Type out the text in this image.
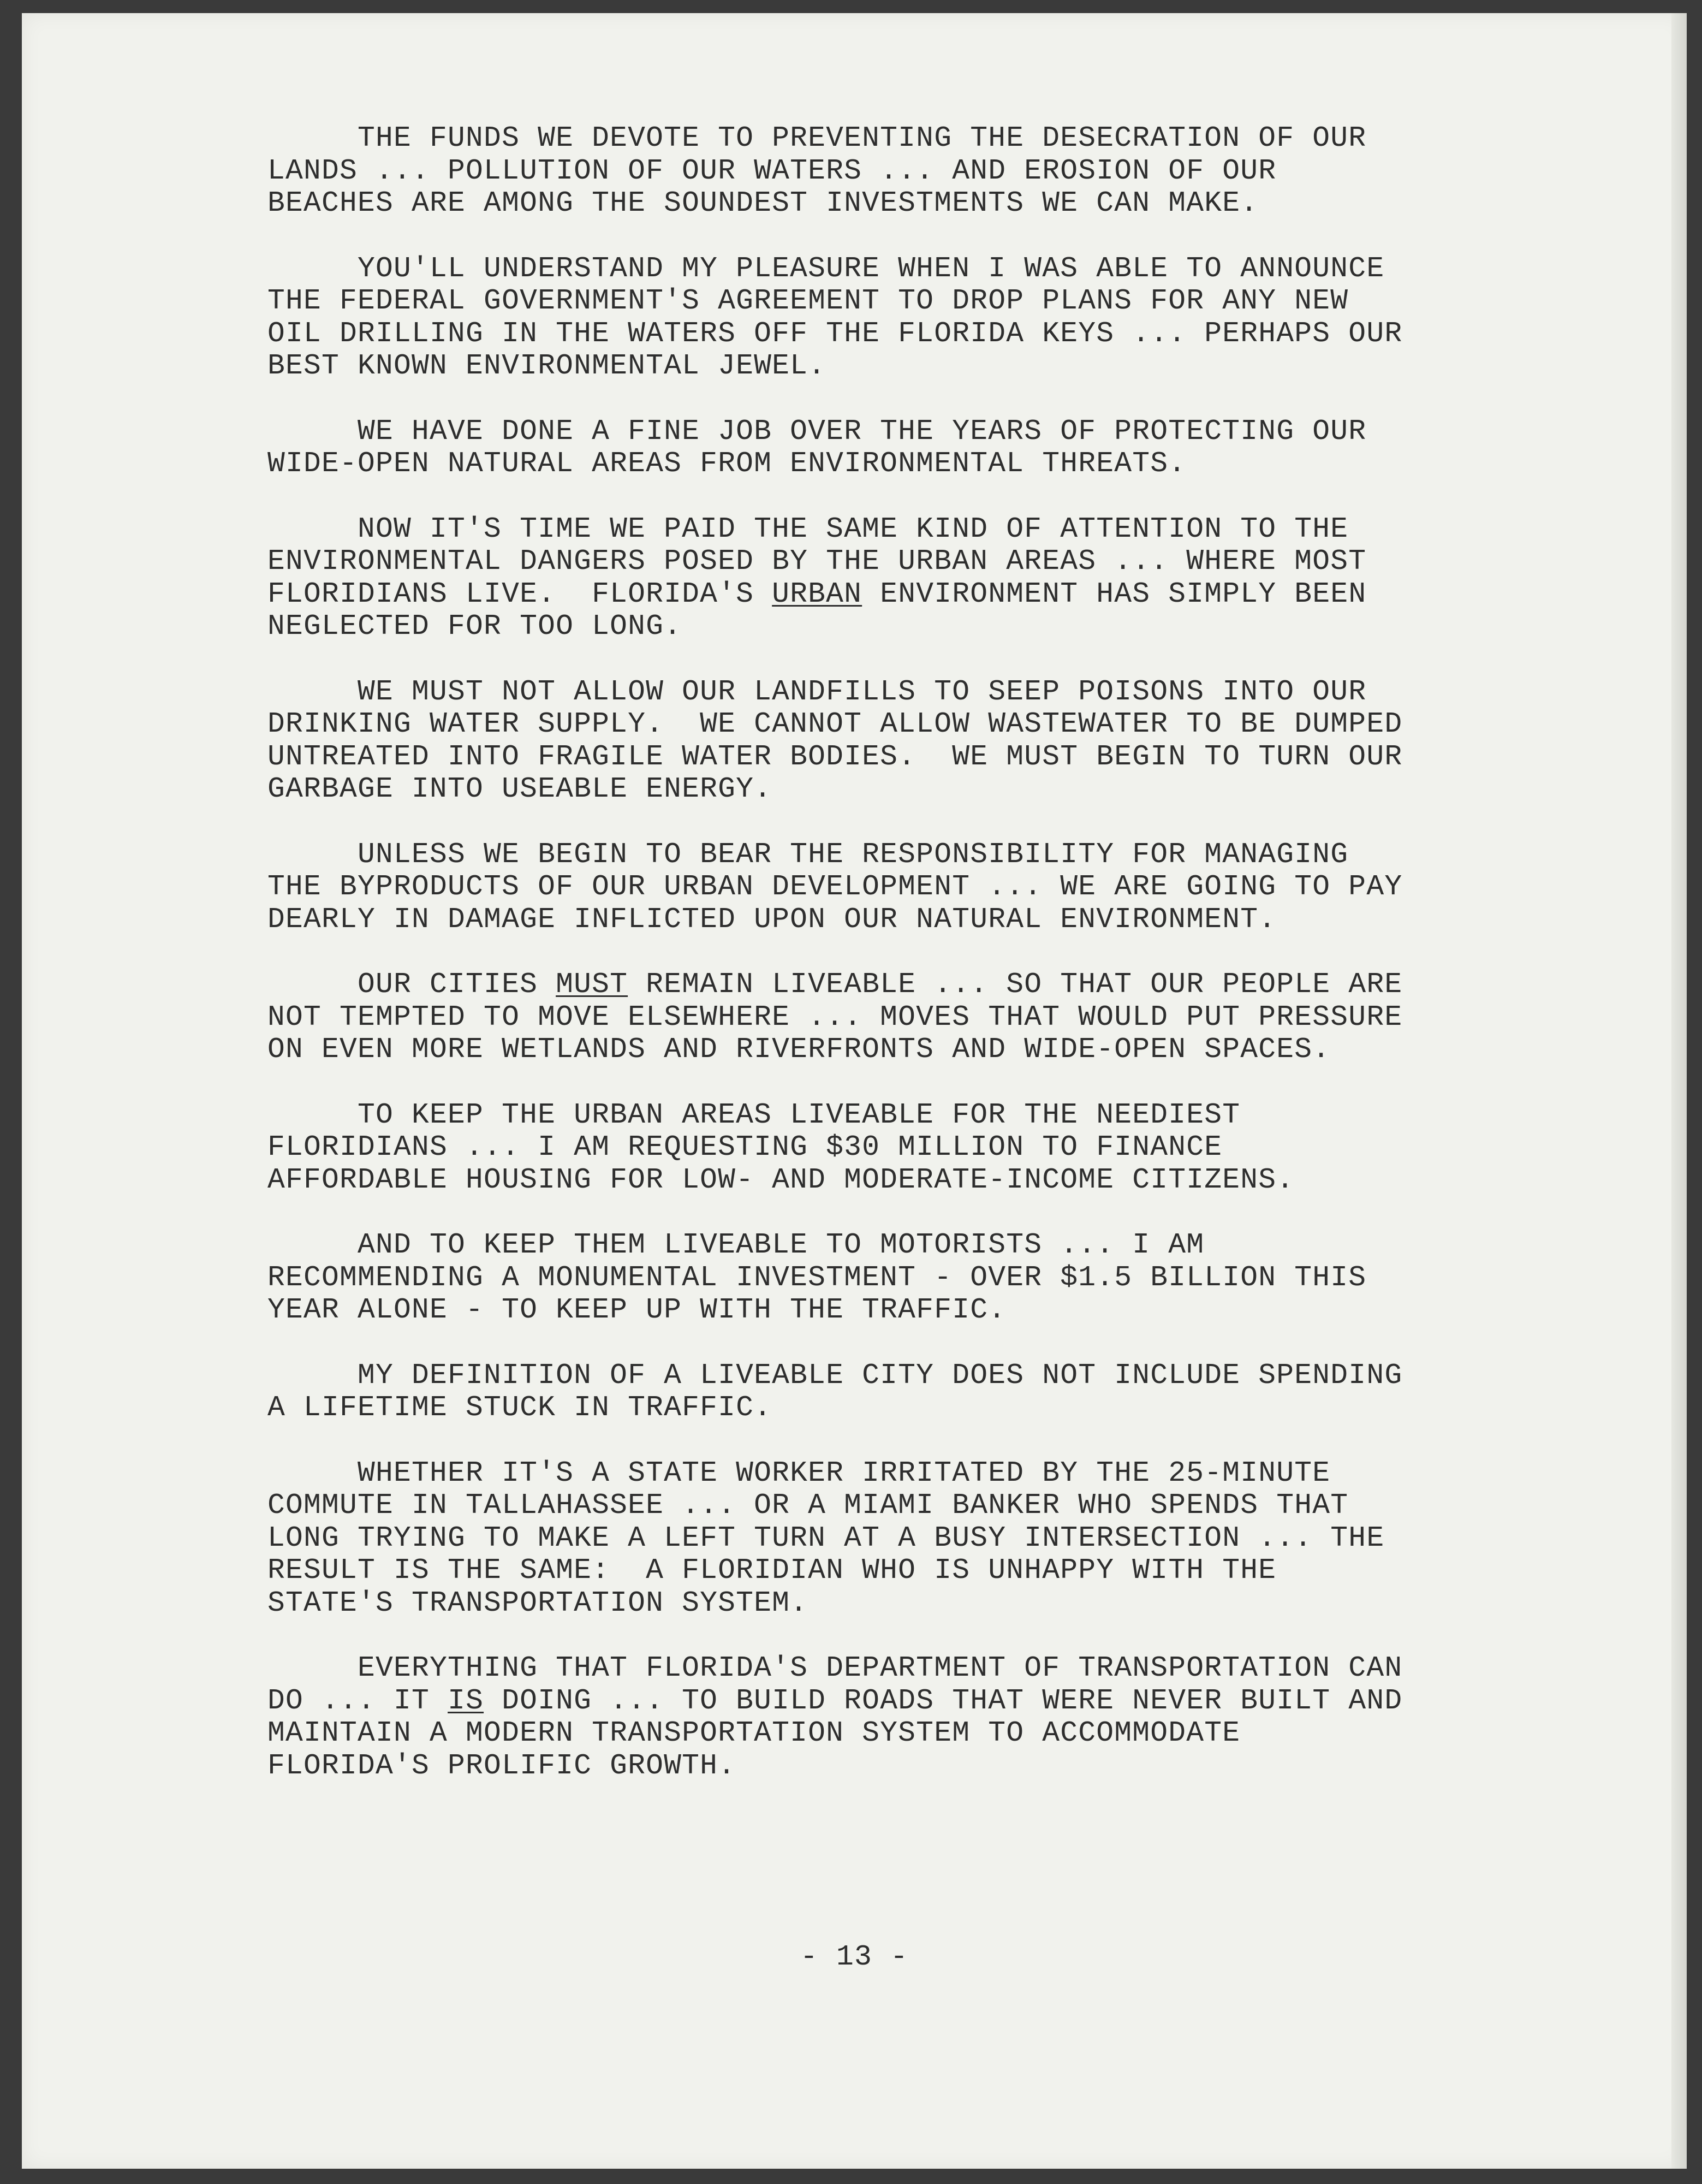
THE FUNDS WE DEVOTE TO PREVENTING THE DESECRATION OF OUR
LANDS ... POLLUTION OF OUR WATERS ... AND EROSION OF OUR
BEACHES ARE AMONG THE SOUNDEST INVESTMENTS WE CAN MAKE.
YOU'LL UNDERSTAND MY PLEASURE WHEN I WAS ABLE TO ANNOUNCE
THE FEDERAL GOVERNMENT'S AGREEMENT TO DROP PLANS FOR ANY NEW
OIL DRILLING IN THE WATERS OFF THE FLORIDA KEYS ... PERHAPS OUR
BEST KNOWN ENVIRONMENTAL JEWEL.
WE HAVE DONE A FINE JOB OVER THE YEARS OF PROTECTING OUR
WIDE-OPEN NATURAL AREAS FROM ENVIRONMENTAL THREATS.
NOW IT'S TIME WE PAID THE SAME KIND OF ATTENTION TO THE
ENVIRONMENTAL DANGERS POSED BY THE URBAN AREAS ... WHERE MOST
FLORIDIANS LIVE.  FLORIDA'S URBAN ENVIRONMENT HAS SIMPLY BEEN
NEGLECTED FOR TOO LONG.
WE MUST NOT ALLOW OUR LANDFILLS TO SEEP POISONS INTO OUR
DRINKING WATER SUPPLY.  WE CANNOT ALLOW WASTEWATER TO BE DUMPED
UNTREATED INTO FRAGILE WATER BODIES.  WE MUST BEGIN TO TURN OUR
GARBAGE INTO USEABLE ENERGY.
UNLESS WE BEGIN TO BEAR THE RESPONSIBILITY FOR MANAGING
THE BYPRODUCTS OF OUR URBAN DEVELOPMENT ... WE ARE GOING TO PAY
DEARLY IN DAMAGE INFLICTED UPON OUR NATURAL ENVIRONMENT.
OUR CITIES MUST REMAIN LIVEABLE ... SO THAT OUR PEOPLE ARE
NOT TEMPTED TO MOVE ELSEWHERE ... MOVES THAT WOULD PUT PRESSURE
ON EVEN MORE WETLANDS AND RIVERFRONTS AND WIDE-OPEN SPACES.
TO KEEP THE URBAN AREAS LIVEABLE FOR THE NEEDIEST
FLORIDIANS ... I AM REQUESTING $30 MILLION TO FINANCE
AFFORDABLE HOUSING FOR LOW- AND MODERATE-INCOME CITIZENS.
AND TO KEEP THEM LIVEABLE TO MOTORISTS ... I AM
RECOMMENDING A MONUMENTAL INVESTMENT - OVER $1.5 BILLION THIS
YEAR ALONE - TO KEEP UP WITH THE TRAFFIC.
MY DEFINITION OF A LIVEABLE CITY DOES NOT INCLUDE SPENDING
A LIFETIME STUCK IN TRAFFIC.
WHETHER IT'S A STATE WORKER IRRITATED BY THE 25-MINUTE
COMMUTE IN TALLAHASSEE ... OR A MIAMI BANKER WHO SPENDS THAT
LONG TRYING TO MAKE A LEFT TURN AT A BUSY INTERSECTION ... THE
RESULT IS THE SAME:  A FLORIDIAN WHO IS UNHAPPY WITH THE
STATE'S TRANSPORTATION SYSTEM.
EVERYTHING THAT FLORIDA'S DEPARTMENT OF TRANSPORTATION CAN
DO ... IT IS DOING ... TO BUILD ROADS THAT WERE NEVER BUILT AND
MAINTAIN A MODERN TRANSPORTATION SYSTEM TO ACCOMMODATE
FLORIDA'S PROLIFIC GROWTH.
- 13 -
